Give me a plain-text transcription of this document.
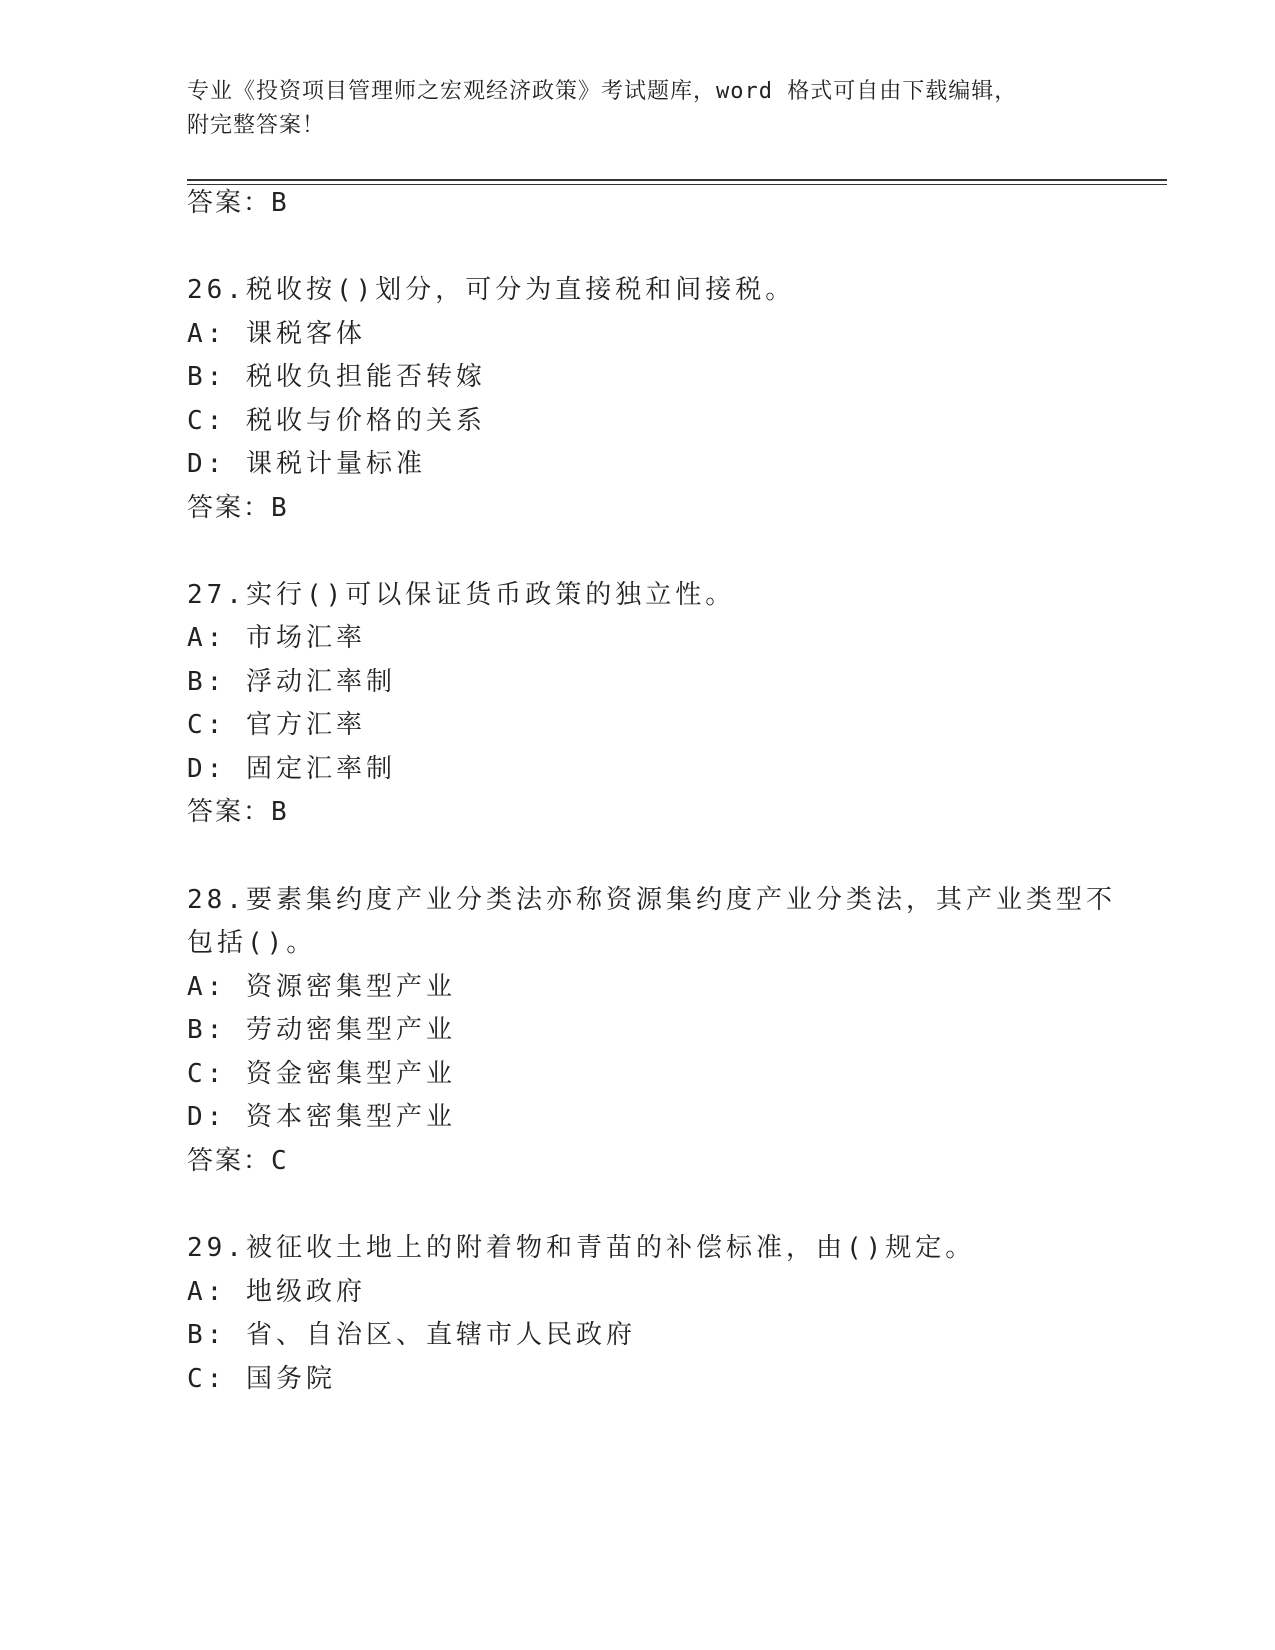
专业《投资项目管理师之宏观经济政策》考试题库，word 格式可自由下载编辑，
附完整答案！
答案：B
26.税收按()划分，可分为直接税和间接税。
A: 课税客体
B: 税收负担能否转嫁
C: 税收与价格的关系
D: 课税计量标准
答案：B
27.实行()可以保证货币政策的独立性。
A: 市场汇率
B: 浮动汇率制
C: 官方汇率
D: 固定汇率制
答案：B
28.要素集约度产业分类法亦称资源集约度产业分类法，其产业类型不
包括()。
A: 资源密集型产业
B: 劳动密集型产业
C: 资金密集型产业
D: 资本密集型产业
答案：C
29.被征收土地上的附着物和青苗的补偿标准，由()规定。
A: 地级政府
B: 省、自治区、直辖市人民政府
C: 国务院
